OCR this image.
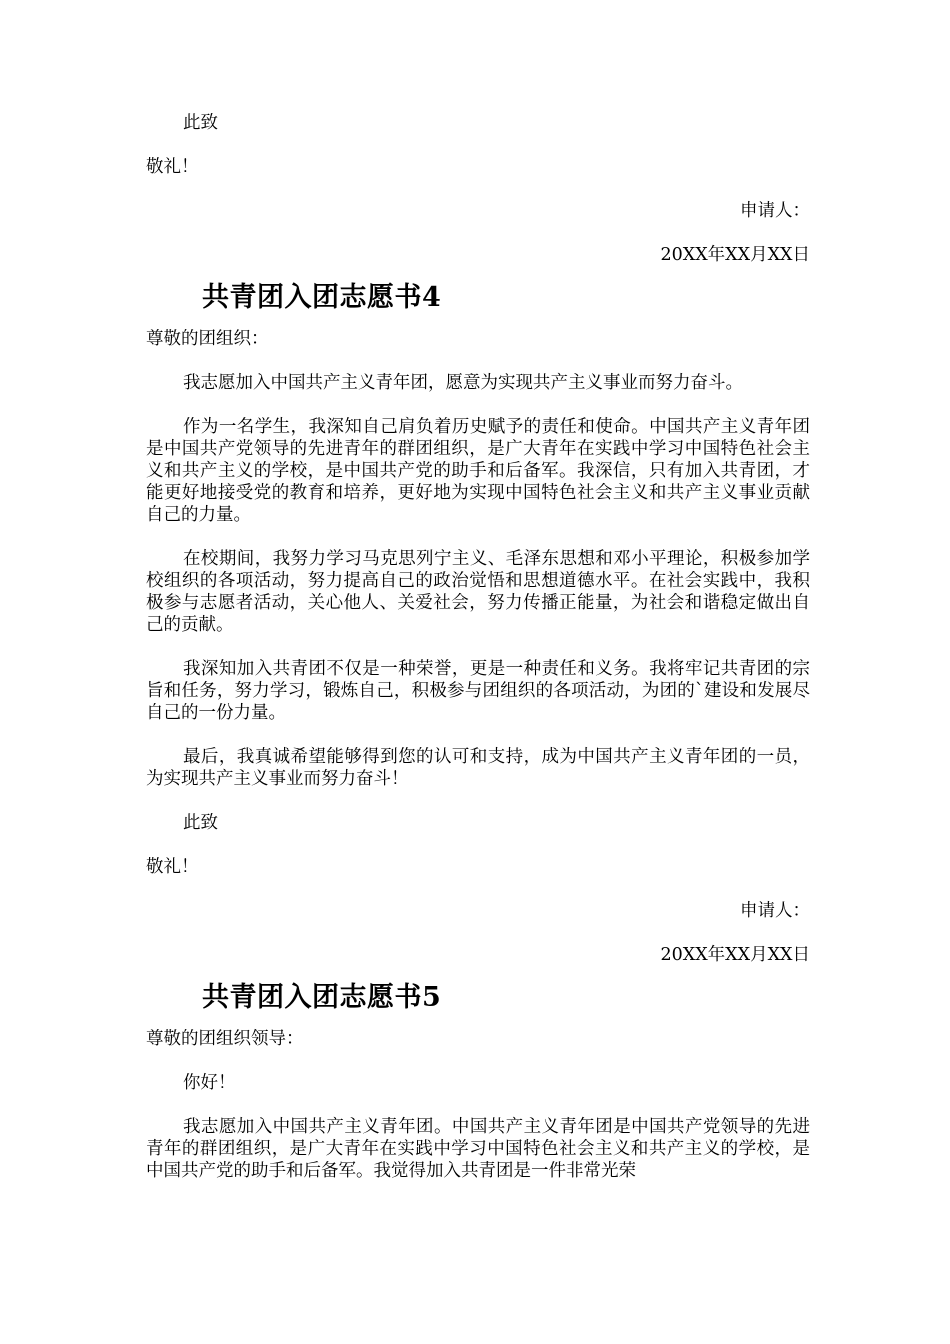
此致

敬礼！

申请人：

20XX年XX月XX日

共青团入团志愿书4

尊敬的团组织：

我志愿加入中国共产主义青年团，愿意为实现共产主义事业而努力奋斗。

作为一名学生，我深知自己肩负着历史赋予的责任和使命。中国共产主义青年团是中国共产党领导的先进青年的群团组织，是广大青年在实践中学习中国特色社会主义和共产主义的学校，是中国共产党的助手和后备军。我深信，只有加入共青团，才能更好地接受党的教育和培养，更好地为实现中国特色社会主义和共产主义事业贡献自己的力量。

在校期间，我努力学习马克思列宁主义、毛泽东思想和邓小平理论，积极参加学校组织的各项活动，努力提高自己的政治觉悟和思想道德水平。在社会实践中，我积极参与志愿者活动，关心他人、关爱社会，努力传播正能量，为社会和谐稳定做出自己的贡献。

我深知加入共青团不仅是一种荣誉，更是一种责任和义务。我将牢记共青团的宗旨和任务，努力学习，锻炼自己，积极参与团组织的各项活动，为团的`建设和发展尽自己的一份力量。

最后，我真诚希望能够得到您的认可和支持，成为中国共产主义青年团的一员，为实现共产主义事业而努力奋斗！

此致

敬礼！

申请人：

20XX年XX月XX日

共青团入团志愿书5

尊敬的团组织领导：

你好！

我志愿加入中国共产主义青年团。中国共产主义青年团是中国共产党领导的先进青年的群团组织，是广大青年在实践中学习中国特色社会主义和共产主义的学校，是中国共产党的助手和后备军。我觉得加入共青团是一件非常光荣
